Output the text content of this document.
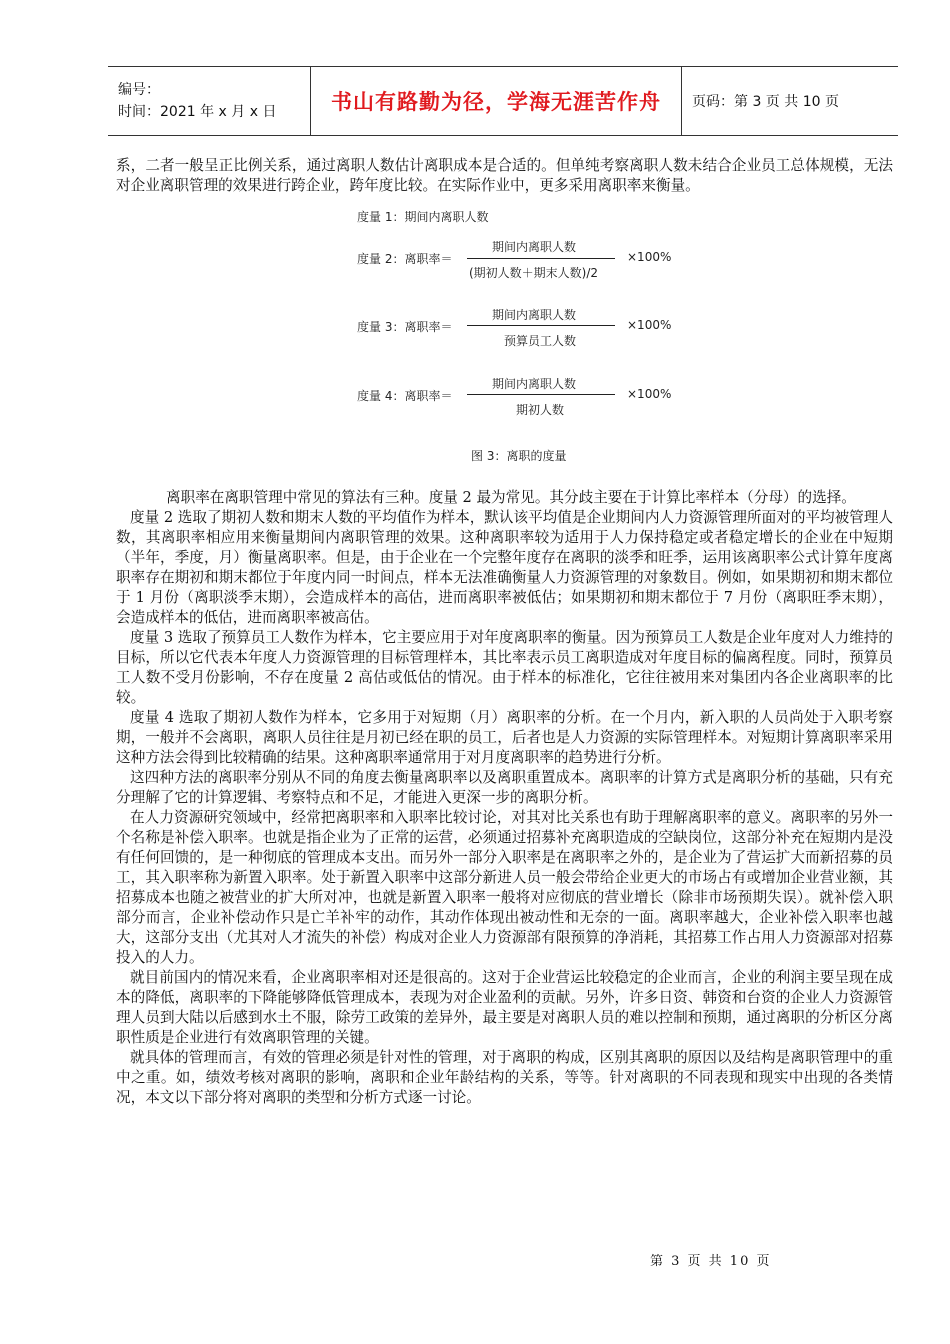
编号：
时间：2021 年 x 月 x 日	书山有路勤为径，学海无涯苦作舟	页码：第 3 页 共 10 页

系，二者一般呈正比例关系，通过离职人数估计离职成本是合适的。但单纯考察离职人数未结合企业员工总体规模，无法对企业离职管理的效果进行跨企业，跨年度比较。在实际作业中，更多采用离职率来衡量。

度量 1：期间内离职人数
度量 2：离职率＝
期间内离职人数
(期初人数＋期末人数)/2
×100%
度量 3：离职率＝
期间内离职人数
预算员工人数
×100%
度量 4：离职率＝
期间内离职人数
期初人数
×100%
图 3：离职的度量

离职率在离职管理中常见的算法有三种。度量 2 最为常见。其分歧主要在于计算比率样本（分母）的选择。

度量 2 选取了期初人数和期末人数的平均值作为样本，默认该平均值是企业期间内人力资源管理所面对的平均被管理人数，其离职率相应用来衡量期间内离职管理的效果。这种离职率较为适用于人力保持稳定或者稳定增长的企业在中短期（半年，季度，月）衡量离职率。但是，由于企业在一个完整年度存在离职的淡季和旺季，运用该离职率公式计算年度离职率存在期初和期末都位于年度内同一时间点，样本无法准确衡量人力资源管理的对象数目。例如，如果期初和期末都位于 1 月份（离职淡季末期），会造成样本的高估，进而离职率被低估；如果期初和期末都位于 7 月份（离职旺季末期），会造成样本的低估，进而离职率被高估。

度量 3 选取了预算员工人数作为样本，它主要应用于对年度离职率的衡量。因为预算员工人数是企业年度对人力维持的目标，所以它代表本年度人力资源管理的目标管理样本，其比率表示员工离职造成对年度目标的偏离程度。同时，预算员工人数不受月份影响，不存在度量 2 高估或低估的情况。由于样本的标准化，它往往被用来对集团内各企业离职率的比较。

度量 4 选取了期初人数作为样本，它多用于对短期（月）离职率的分析。在一个月内，新入职的人员尚处于入职考察期，一般并不会离职，离职人员往往是月初已经在职的员工，后者也是人力资源的实际管理样本。对短期计算离职率采用这种方法会得到比较精确的结果。这种离职率通常用于对月度离职率的趋势进行分析。

这四种方法的离职率分别从不同的角度去衡量离职率以及离职重置成本。离职率的计算方式是离职分析的基础，只有充分理解了它的计算逻辑、考察特点和不足，才能进入更深一步的离职分析。

在人力资源研究领域中，经常把离职率和入职率比较讨论，对其对比关系也有助于理解离职率的意义。离职率的另外一个名称是补偿入职率。也就是指企业为了正常的运营，必须通过招募补充离职造成的空缺岗位，这部分补充在短期内是没有任何回馈的，是一种彻底的管理成本支出。而另外一部分入职率是在离职率之外的，是企业为了营运扩大而新招募的员工，其入职率称为新置入职率。处于新置入职率中这部分新进人员一般会带给企业更大的市场占有或增加企业营业额，其招募成本也随之被营业的扩大所对冲，也就是新置入职率一般将对应彻底的营业增长（除非市场预期失误）。就补偿入职部分而言，企业补偿动作只是亡羊补牢的动作，其动作体现出被动性和无奈的一面。离职率越大，企业补偿入职率也越大，这部分支出（尤其对人才流失的补偿）构成对企业人力资源部有限预算的净消耗，其招募工作占用人力资源部对招募投入的人力。

就目前国内的情况来看，企业离职率相对还是很高的。这对于企业营运比较稳定的企业而言，企业的利润主要呈现在成本的降低，离职率的下降能够降低管理成本，表现为对企业盈利的贡献。另外，许多日资、韩资和台资的企业人力资源管理人员到大陆以后感到水土不服，除劳工政策的差异外，最主要是对离职人员的难以控制和预期，通过离职的分析区分离职性质是企业进行有效离职管理的关键。

就具体的管理而言，有效的管理必须是针对性的管理，对于离职的构成，区别其离职的原因以及结构是离职管理中的重中之重。如，绩效考核对离职的影响，离职和企业年龄结构的关系，等等。针对离职的不同表现和现实中出现的各类情况，本文以下部分将对离职的类型和分析方式逐一讨论。

第 3 页 共 10 页
